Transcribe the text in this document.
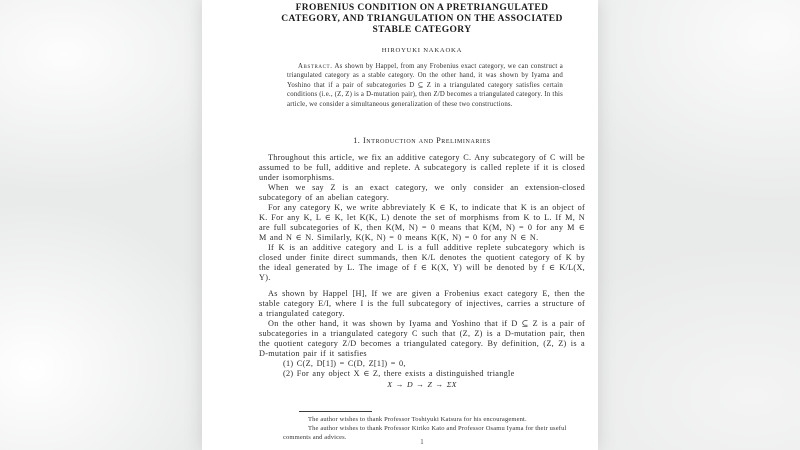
FROBENIUS CONDITION ON A PRETRIANGULATED
CATEGORY, AND TRIANGULATION ON THE ASSOCIATED
STABLE CATEGORY
HIROYUKI NAKAOKA

Abstract. As shown by Happel, from any Frobenius exact category, we can construct a triangulated category as a stable category. On the other hand, it was shown by Iyama and Yoshino that if a pair of subcategories D ⊆ Z in a triangulated category satisfies certain conditions (i.e., (Z, Z) is a D-mutation pair), then Z/D becomes a triangulated category. In this article, we consider a simultaneous generalization of these two constructions.

1. Introduction and Preliminaries

Throughout this article, we fix an additive category C. Any subcategory of C will be assumed to be full, additive and replete. A subcategory is called replete if it is closed under isomorphisms.

When we say Z is an exact category, we only consider an extension-closed subcategory of an abelian category.

For any category K, we write abbreviately K ∈ K, to indicate that K is an object of K. For any K, L ∈ K, let K(K, L) denote the set of morphisms from K to L. If M, N are full subcategories of K, then K(M, N) = 0 means that K(M, N) = 0 for any M ∈ M and N ∈ N. Similarly, K(K, N) = 0 means K(K, N) = 0 for any N ∈ N.

If K is an additive category and L is a full additive replete subcategory which is closed under finite direct summands, then K/L denotes the quotient category of K by the ideal generated by L. The image of f ∈ K(X, Y) will be denoted by f ∈ K/L(X, Y).

As shown by Happel [H], If we are given a Frobenius exact category E, then the stable category E/I, where I is the full subcategory of injectives, carries a structure of a triangulated category.

On the other hand, it was shown by Iyama and Yoshino that if D ⊆ Z is a pair of subcategories in a triangulated category C such that (Z, Z) is a D-mutation pair, then the quotient category Z/D becomes a triangulated category. By definition, (Z, Z) is a D-mutation pair if it satisfies

(1) C(Z, D[1]) = C(D, Z[1]) = 0,

(2) For any object X ∈ Z, there exists a distinguished triangle

X → D → Z → ΣX

The author wishes to thank Professor Toshiyuki Katsura for his encouragement.

The author wishes to thank Professor Kiriko Kato and Professor Osamu Iyama for their useful comments and advices.

1
